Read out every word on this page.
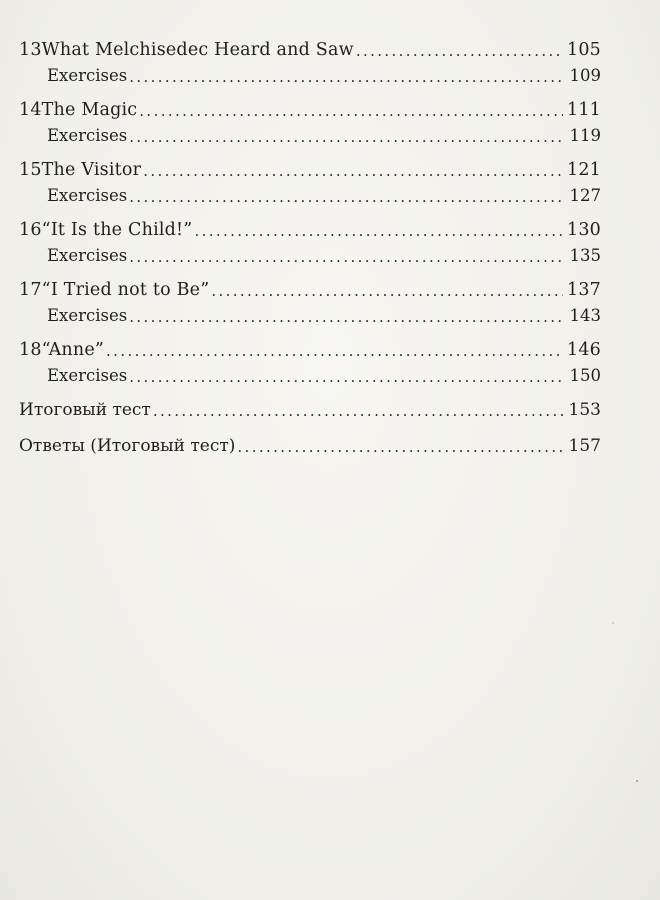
13 What Melchisedec Heard and Saw . . .	105
Exercises . . .	109
14 The Magic . . .	111
Exercises . . .	119
15 The Visitor . . .	121
Exercises . . .	127
16 “It Is the Child!” . . .	130
Exercises . . .	135
17 “I Tried not to Be” . . .	137
Exercises . . .	143
18 “Anne” . . .	146
Exercises . . .	150
Итоговый тест . . .	153
Ответы (Итоговый тест) . . .	157
